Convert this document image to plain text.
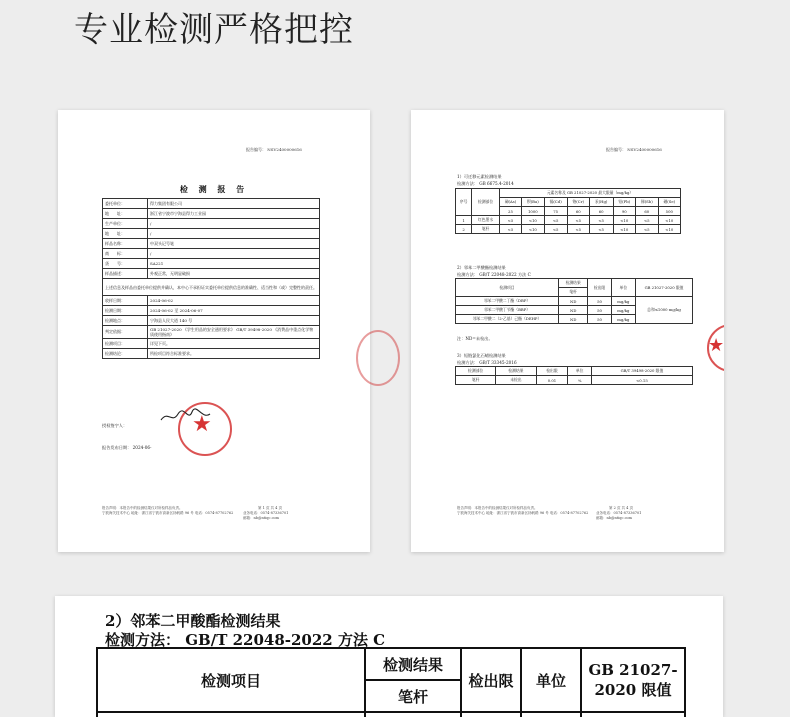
专业检测严格把控
报告编号： NSV2400000616
检 测 报 告
委托单位：	得力集团有限公司
地　　址：	浙江省宁波市宁海县得力工业园
生产单位：	/
地　　址：	/
样品名称：	中双头记号笔
商　　标：	/
货　　号：	SA221
样品描述：	外观正常，无明显破损
上述信息及样品由委托单位提供并确认，本中心不承担证实委托单位提供信息的准确性、适当性和（或）完整性的责任。	
收样日期：	2024-06-02
检测日期：	2024-06-02 至 2024-06-07
检测地点：	宁海县人民大道 140 号
判定依据：	GB 21027-2020 《学生用品的安全通用要求》 GB/T 39498-2020 《消费品中重点化学物质使用指南》
检测项目：	详见下页。
检测结论：	所检项目符合标准要求。
授权签字人：
报告发布日期： 2024-06-
★
报告声明：本报告中的检测结果仅对所检样品负责。
宁波海关技术中心 地址：浙江省宁波市高新区扬帆路 96 号 电话：0574-87702762
第 1 页 共 4 页
业务电话：0574-87336701
邮箱：nb@ntiqc.com
报告编号： NSV2400000616
1）可迁移元素检测结果
检测方法： GB 6675.4-2014
序号	检测部位	元素名称及 GB 21027-2020 最大限量（mg/kg）							
		砷(As)	钡(Ba)	镉(Cd)	铬(Cr)	汞(Hg)	铅(Pb)	锑(Sb)	硒(Se)
		25	1000	75	60	60	90	60	500
1	红色墨水	<5	<10	<5	<5	<5	<10	<5	<10
2	笔杆	<5	<10	<5	<5	<5	<10	<5	<10
2）邻苯二甲酸酯检测结果
检测方法： GB/T 22048-2022 方法 C
检测项目	检测结果	检出限	单位	GB 21027-2020 限值
	笔杆			
邻苯二甲酸二丁酯（DBP）	ND	50	mg/kg	总和≤1000 mg/kg
邻苯二甲酸丁苄酯（BBP）	ND	50	mg/kg	
邻苯二甲酸二（2-乙基）己酯（DEHP）	ND	50	mg/kg	
注：ND=未检出。
3）短链氯化石蜡检测结果
检测方法： GB/T 33345-2016
检测部位	检测结果	检出限	单位	GB/T 39498-2020 限值
笔杆	未检出	0.01	%	<0.15
★
第 2 页 共 4 页
报告声明：本报告中的检测结果仅对所检样品负责。
宁波海关技术中心 地址：浙江省宁波市高新区扬帆路 96 号 电话：0574-87702762 业务电话：0574-87336701
邮箱：nb@ntiqc.com
2）邻苯二甲酸酯检测结果
检测方法： GB/T 22048-2022 方法 C
检测项目	检测结果	检出限	单位	GB 21027-2020 限值
	笔杆			
